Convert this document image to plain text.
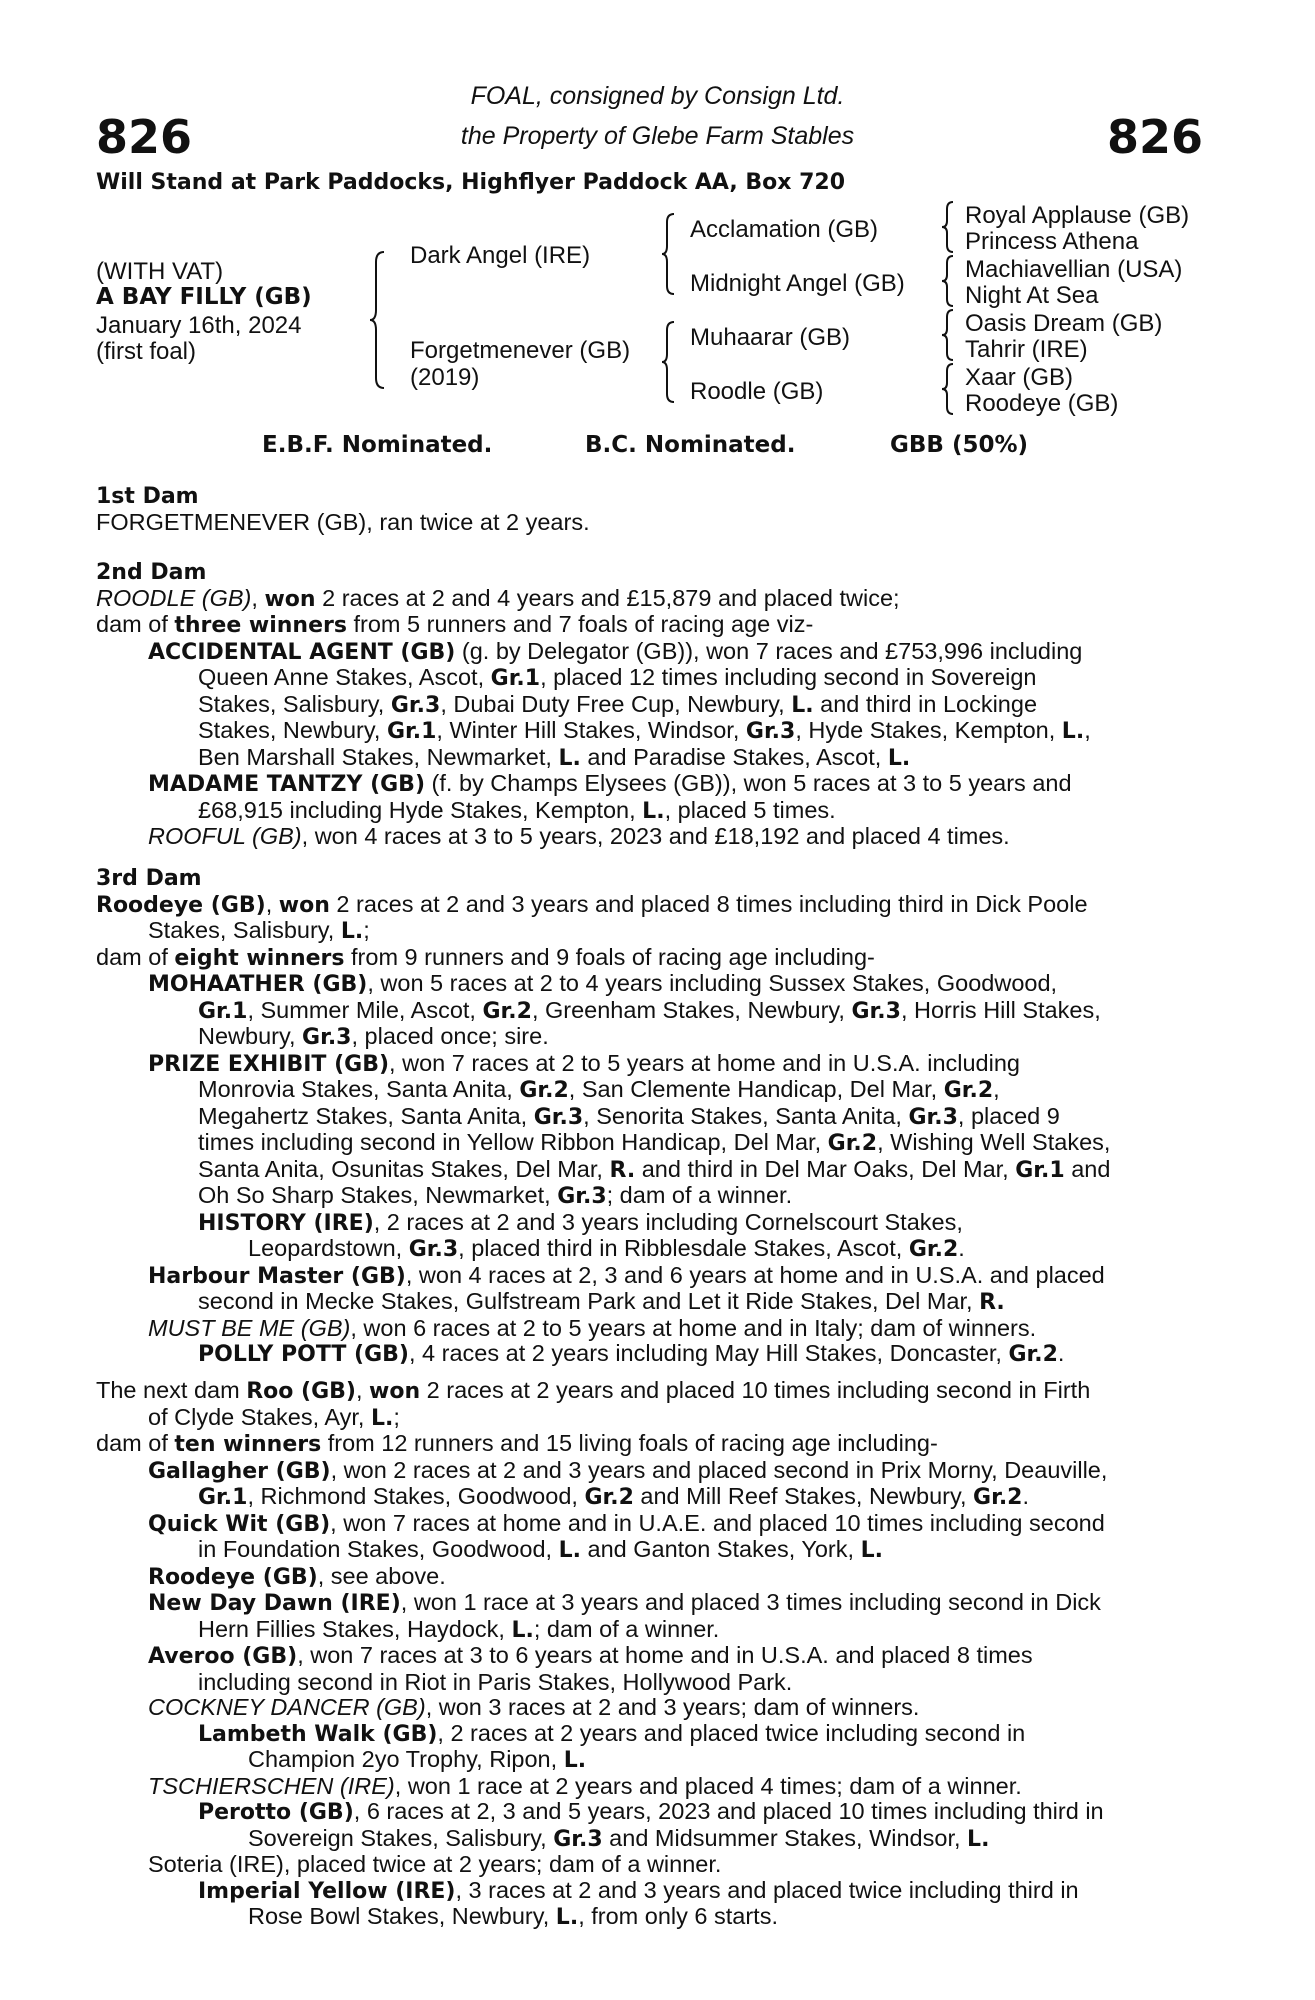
826	826
FOAL, consigned by Consign Ltd.
the Property of Glebe Farm Stables
Will Stand at Park Paddocks, Highflyer Paddock AA, Box 720
(WITH VAT)
A BAY FILLY (GB)
January 16th, 2024
(first foal)
Dark Angel (IRE)
Forgetmenever (GB)
(2019)
Acclamation (GB)
Midnight Angel (GB)
Muhaarar (GB)
Roodle (GB)
Royal Applause (GB)
Princess Athena
Machiavellian (USA)
Night At Sea
Oasis Dream (GB)
Tahrir (IRE)
Xaar (GB)
Roodeye (GB)
E.B.F. Nominated.	B.C. Nominated.	GBB (50%)
1st Dam
FORGETMENEVER (GB), ran twice at 2 years.
2nd Dam
ROODLE (GB), won 2 races at 2 and 4 years and £15,879 and placed twice;
dam of three winners from 5 runners and 7 foals of racing age viz-
ACCIDENTAL AGENT (GB) (g. by Delegator (GB)), won 7 races and £753,996 including
Queen Anne Stakes, Ascot, Gr.1, placed 12 times including second in Sovereign
Stakes, Salisbury, Gr.3, Dubai Duty Free Cup, Newbury, L. and third in Lockinge
Stakes, Newbury, Gr.1, Winter Hill Stakes, Windsor, Gr.3, Hyde Stakes, Kempton, L.,
Ben Marshall Stakes, Newmarket, L. and Paradise Stakes, Ascot, L.
MADAME TANTZY (GB) (f. by Champs Elysees (GB)), won 5 races at 3 to 5 years and
£68,915 including Hyde Stakes, Kempton, L., placed 5 times.
ROOFUL (GB), won 4 races at 3 to 5 years, 2023 and £18,192 and placed 4 times.
3rd Dam
Roodeye (GB), won 2 races at 2 and 3 years and placed 8 times including third in Dick Poole
Stakes, Salisbury, L.;
dam of eight winners from 9 runners and 9 foals of racing age including-
MOHAATHER (GB), won 5 races at 2 to 4 years including Sussex Stakes, Goodwood,
Gr.1, Summer Mile, Ascot, Gr.2, Greenham Stakes, Newbury, Gr.3, Horris Hill Stakes,
Newbury, Gr.3, placed once; sire.
PRIZE EXHIBIT (GB), won 7 races at 2 to 5 years at home and in U.S.A. including
Monrovia Stakes, Santa Anita, Gr.2, San Clemente Handicap, Del Mar, Gr.2,
Megahertz Stakes, Santa Anita, Gr.3, Senorita Stakes, Santa Anita, Gr.3, placed 9
times including second in Yellow Ribbon Handicap, Del Mar, Gr.2, Wishing Well Stakes,
Santa Anita, Osunitas Stakes, Del Mar, R. and third in Del Mar Oaks, Del Mar, Gr.1 and
Oh So Sharp Stakes, Newmarket, Gr.3; dam of a winner.
HISTORY (IRE), 2 races at 2 and 3 years including Cornelscourt Stakes,
Leopardstown, Gr.3, placed third in Ribblesdale Stakes, Ascot, Gr.2.
Harbour Master (GB), won 4 races at 2, 3 and 6 years at home and in U.S.A. and placed
second in Mecke Stakes, Gulfstream Park and Let it Ride Stakes, Del Mar, R.
MUST BE ME (GB), won 6 races at 2 to 5 years at home and in Italy; dam of winners.
POLLY POTT (GB), 4 races at 2 years including May Hill Stakes, Doncaster, Gr.2.
The next dam Roo (GB), won 2 races at 2 years and placed 10 times including second in Firth
of Clyde Stakes, Ayr, L.;
dam of ten winners from 12 runners and 15 living foals of racing age including-
Gallagher (GB), won 2 races at 2 and 3 years and placed second in Prix Morny, Deauville,
Gr.1, Richmond Stakes, Goodwood, Gr.2 and Mill Reef Stakes, Newbury, Gr.2.
Quick Wit (GB), won 7 races at home and in U.A.E. and placed 10 times including second
in Foundation Stakes, Goodwood, L. and Ganton Stakes, York, L.
Roodeye (GB), see above.
New Day Dawn (IRE), won 1 race at 3 years and placed 3 times including second in Dick
Hern Fillies Stakes, Haydock, L.; dam of a winner.
Averoo (GB), won 7 races at 3 to 6 years at home and in U.S.A. and placed 8 times
including second in Riot in Paris Stakes, Hollywood Park.
COCKNEY DANCER (GB), won 3 races at 2 and 3 years; dam of winners.
Lambeth Walk (GB), 2 races at 2 years and placed twice including second in
Champion 2yo Trophy, Ripon, L.
TSCHIERSCHEN (IRE), won 1 race at 2 years and placed 4 times; dam of a winner.
Perotto (GB), 6 races at 2, 3 and 5 years, 2023 and placed 10 times including third in
Sovereign Stakes, Salisbury, Gr.3 and Midsummer Stakes, Windsor, L.
Soteria (IRE), placed twice at 2 years; dam of a winner.
Imperial Yellow (IRE), 3 races at 2 and 3 years and placed twice including third in
Rose Bowl Stakes, Newbury, L., from only 6 starts.
